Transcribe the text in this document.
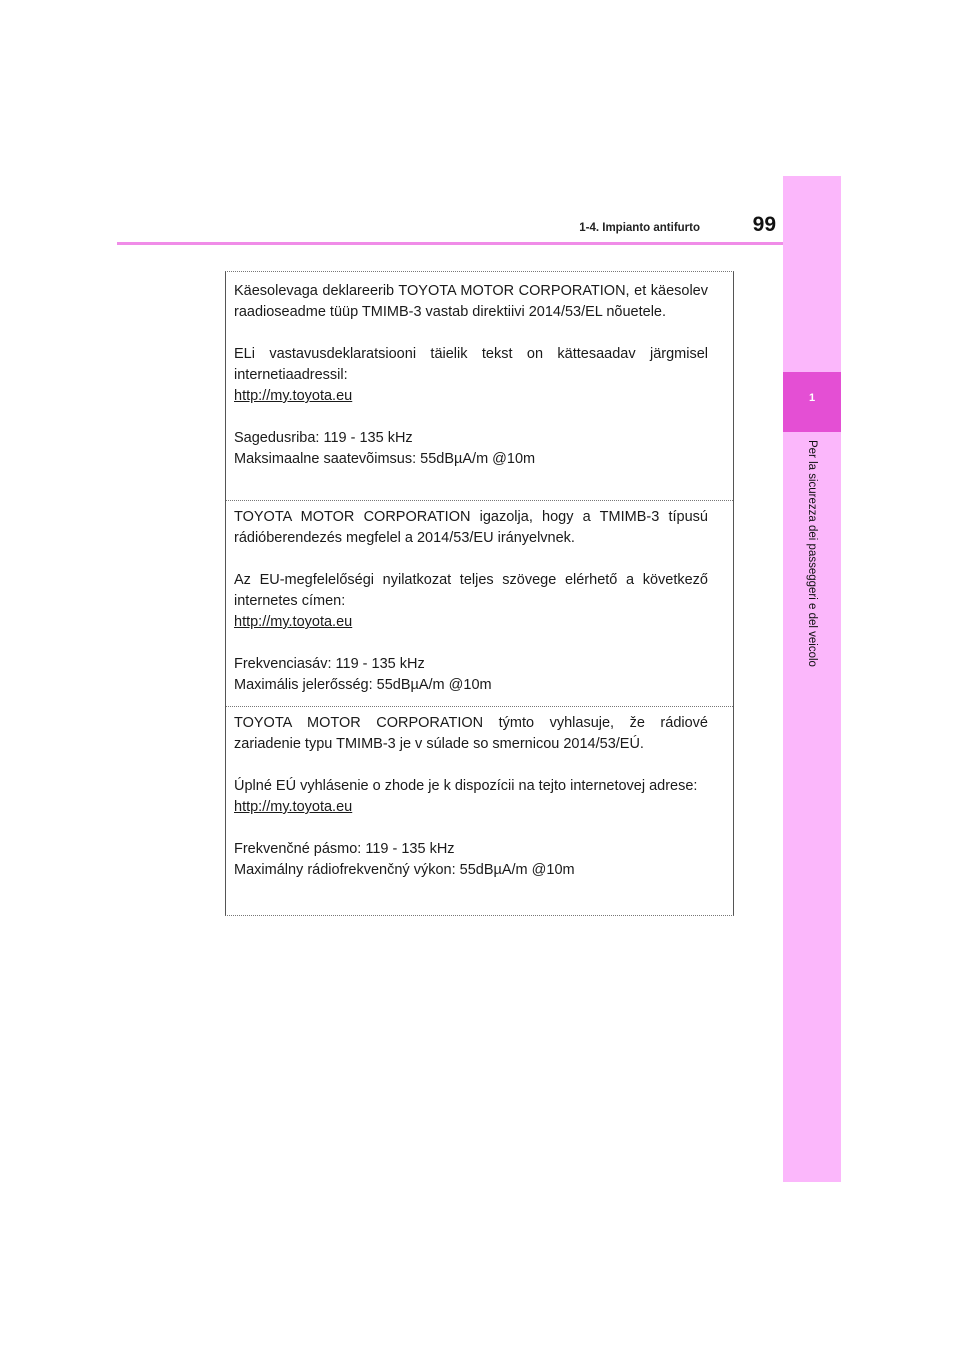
1
Per la sicurezza dei passeggeri e del veicolo
1-4. Impianto antifurto	99

Käesolevaga deklareerib TOYOTA MOTOR CORPORATION, et käesolev raadioseadme tüüp TMIMB-3 vastab direktiivi 2014/53/EL nõuetele.

ELi vastavusdeklaratsiooni täielik tekst on kättesaadav järgmisel internetiaadressil:

http://my.toyota.eu

Sagedusriba: 119 - 135 kHz

Maksimaalne saatevõimsus: 55dBµA/m @10m

TOYOTA MOTOR CORPORATION igazolja, hogy a TMIMB-3 típusú rádióberendezés megfelel a 2014/53/EU irányelvnek.

Az EU-megfelelőségi nyilatkozat teljes szövege elérhető a következő internetes címen:

http://my.toyota.eu

Frekvenciasáv: 119 - 135 kHz

Maximális jelerősség: 55dBµA/m @10m

TOYOTA MOTOR CORPORATION týmto vyhlasuje, že rádiové zariadenie typu TMIMB-3 je v súlade so smernicou 2014/53/EÚ.

Úplné EÚ vyhlásenie o zhode je k dispozícii na tejto internetovej adrese:

http://my.toyota.eu

Frekvenčné pásmo: 119 - 135 kHz

Maximálny rádiofrekvenčný výkon: 55dBµA/m @10m
